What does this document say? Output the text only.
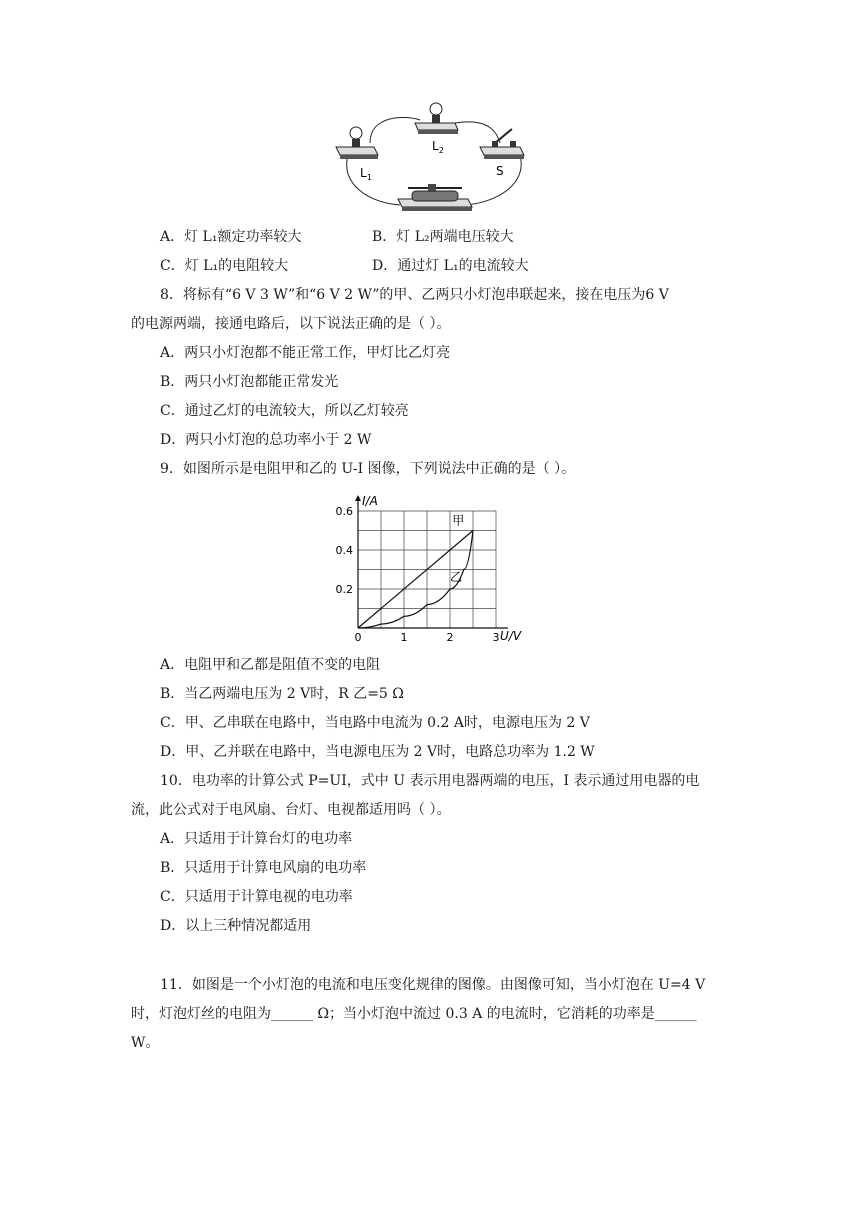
$L_1$
$L_2$
S
A．灯 L₁额定功率较大	B．灯 L₂两端电压较大
C．灯 L₁的电阻较大	D．通过灯 L₁的电流较大
8．将标有“6 V 3 W”和“6 V 2 W”的甲、乙两只小灯泡串联起来，接在电压为6 V
的电源两端，接通电路后，以下说法正确的是（ ）。
A．两只小灯泡都不能正常工作，甲灯比乙灯亮
B．两只小灯泡都能正常发光
C．通过乙灯的电流较大，所以乙灯较亮
D．两只小灯泡的总功率小于 2 W
9．如图所示是电阻甲和乙的 U-I 图像，下列说法中正确的是（ ）。
0	1	2	3
0.2
0.4
0.6
I/A
U/V
甲
乙
A．电阻甲和乙都是阻值不变的电阻
B．当乙两端电压为 2 V时，R 乙=5 Ω
C．甲、乙串联在电路中，当电路中电流为 0.2 A时，电源电压为 2 V
D．甲、乙并联在电路中，当电源电压为 2 V时，电路总功率为 1.2 W
10．电功率的计算公式 P=UI，式中 U 表示用电器两端的电压，I 表示通过用电器的电
流，此公式对于电风扇、台灯、电视都适用吗（ ）。
A．只适用于计算台灯的电功率
B．只适用于计算电风扇的电功率
C．只适用于计算电视的电功率
D．以上三种情况都适用
11．如图是一个小灯泡的电流和电压变化规律的图像。由图像可知，当小灯泡在 U=4 V
时，灯泡灯丝的电阻为______ Ω；当小灯泡中流过 0.3 A 的电流时，它消耗的功率是______
W。
